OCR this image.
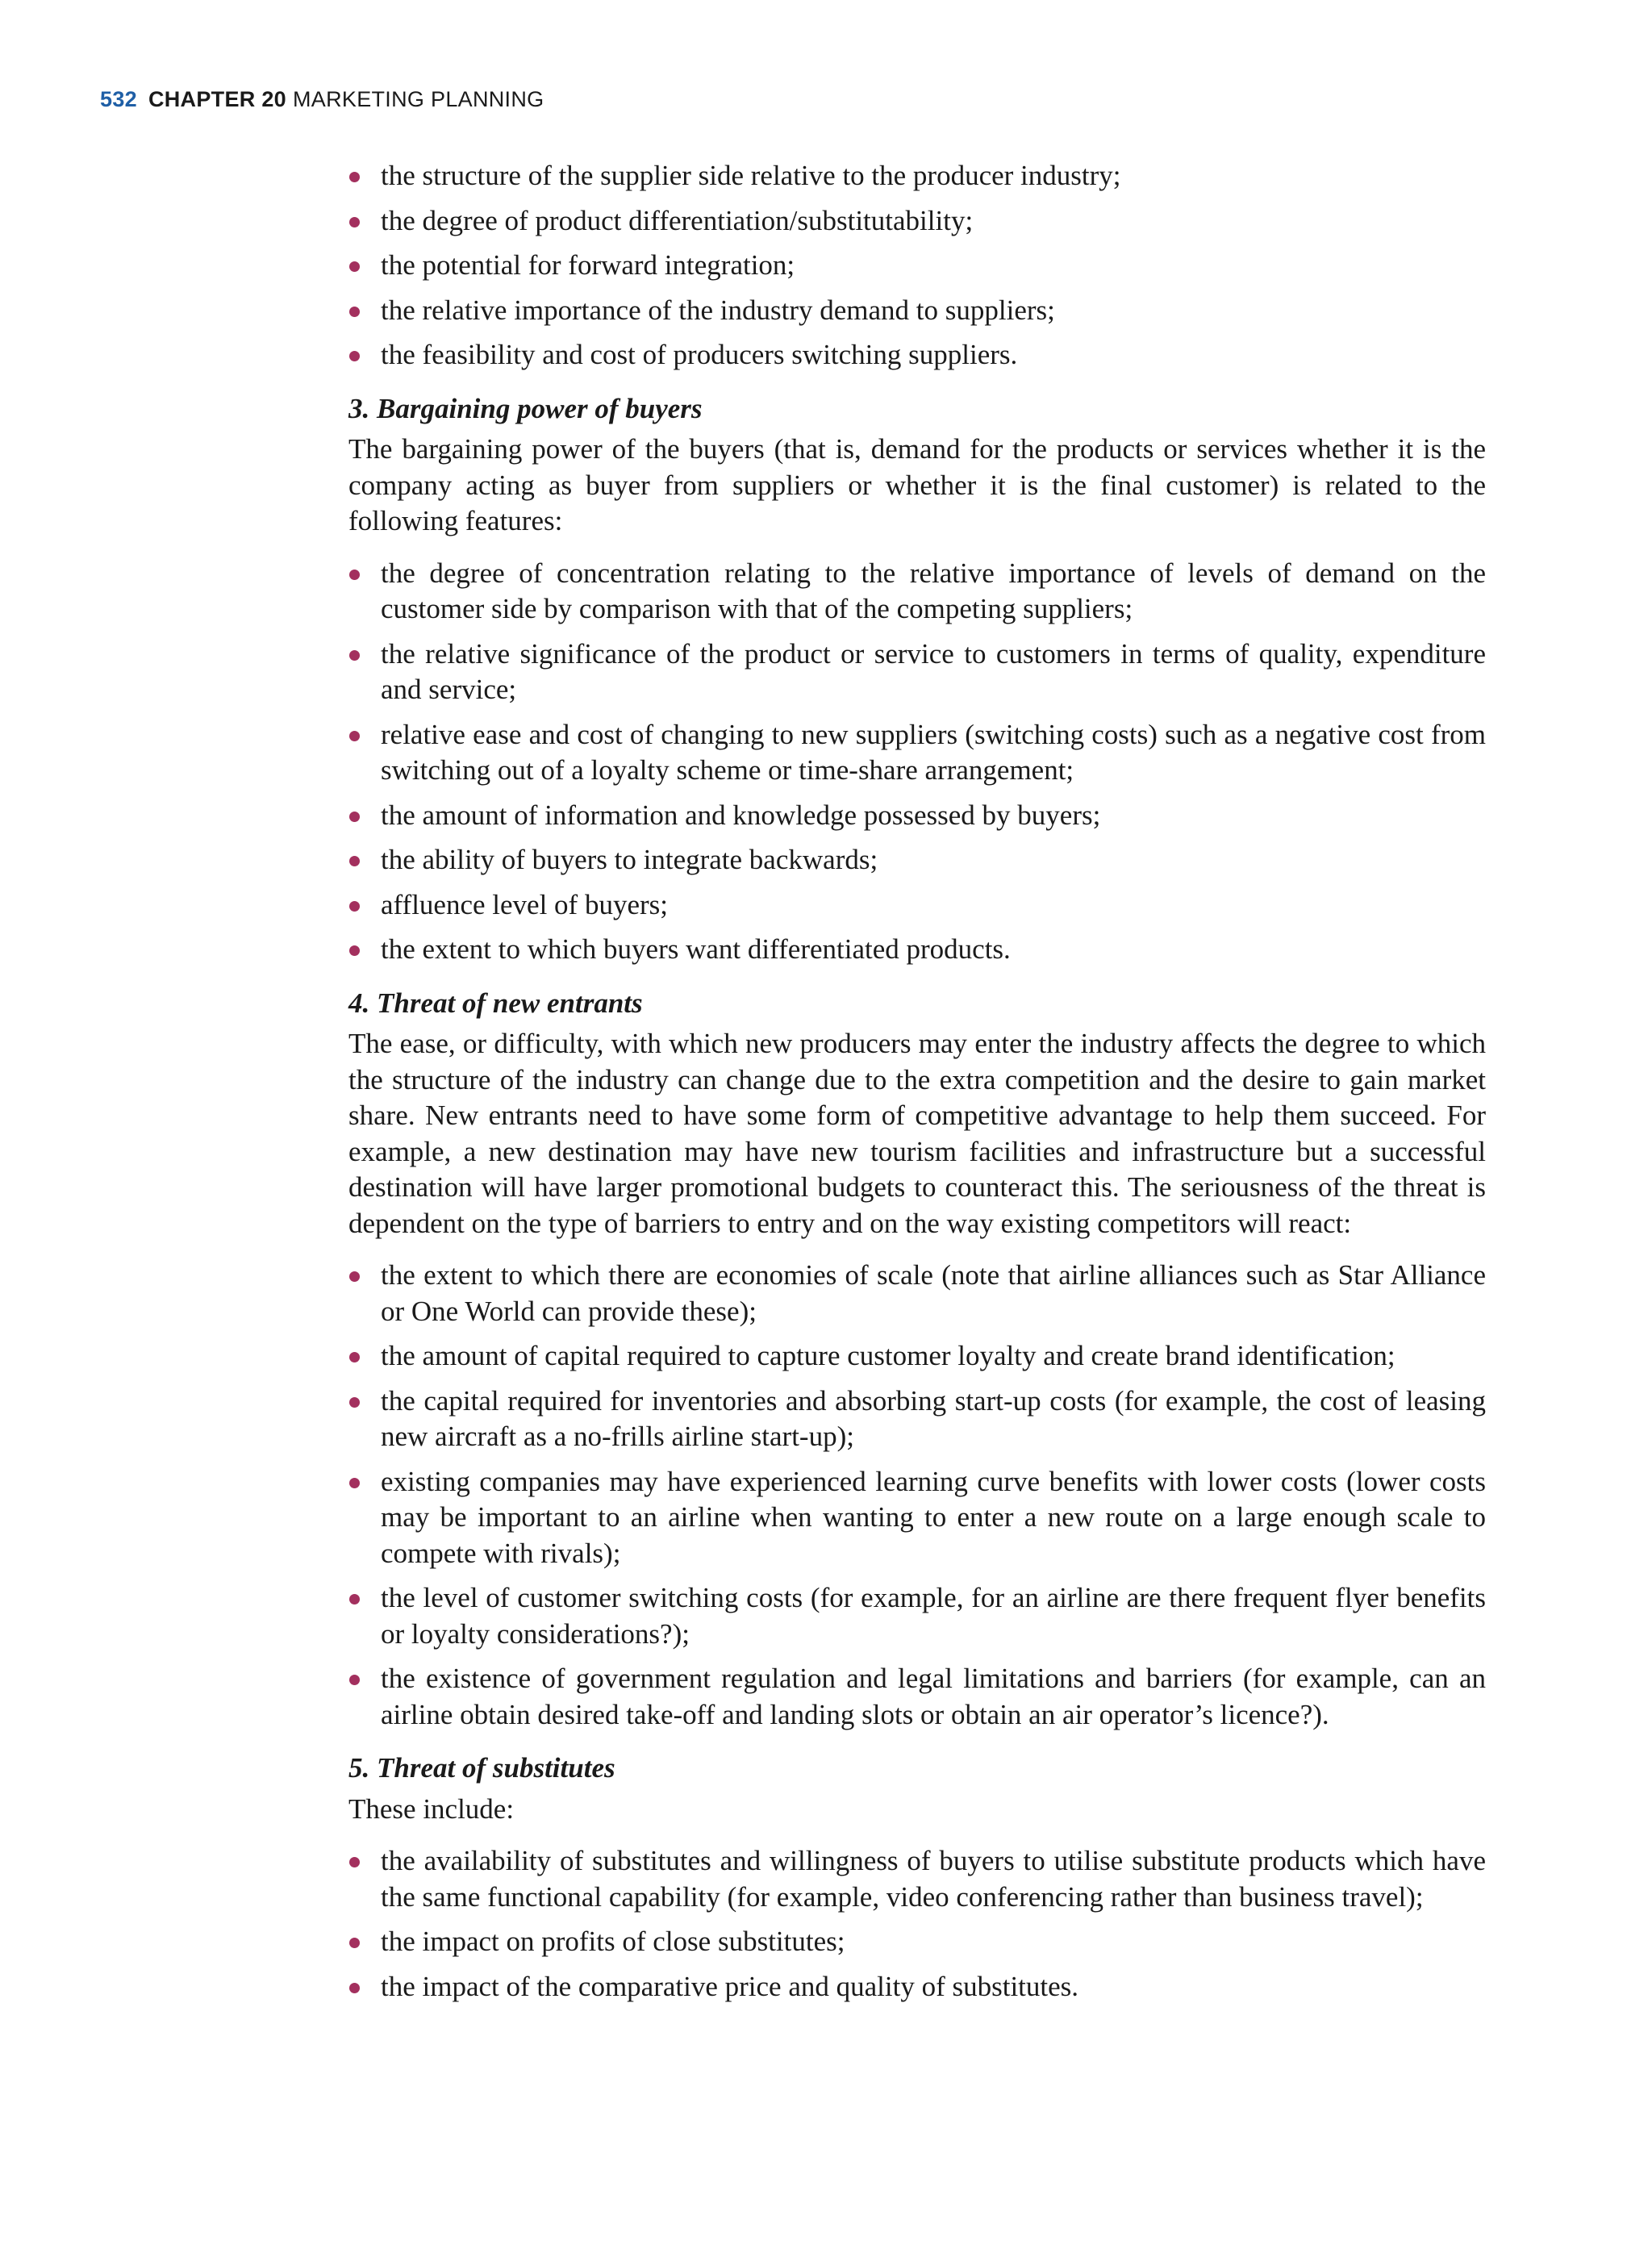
532 CHAPTER 20 MARKETING PLANNING
the structure of the supplier side relative to the producer industry;
the degree of product differentiation/substitutability;
the potential for forward integration;
the relative importance of the industry demand to suppliers;
the feasibility and cost of producers switching suppliers.
3. Bargaining power of buyers

The bargaining power of the buyers (that is, demand for the products or services whether it is the company acting as buyer from suppliers or whether it is the final customer) is related to the following features:

the degree of concentration relating to the relative importance of levels of demand on the customer side by comparison with that of the competing suppliers;
the relative significance of the product or service to customers in terms of quality, expenditure and service;
relative ease and cost of changing to new suppliers (switching costs) such as a negative cost from switching out of a loyalty scheme or time-share arrangement;
the amount of information and knowledge possessed by buyers;
the ability of buyers to integrate backwards;
affluence level of buyers;
the extent to which buyers want differentiated products.
4. Threat of new entrants

The ease, or difficulty, with which new producers may enter the industry affects the degree to which the structure of the industry can change due to the extra competition and the desire to gain market share. New entrants need to have some form of competitive advantage to help them succeed. For example, a new destination may have new tourism facilities and infrastructure but a successful destination will have larger promotional budgets to counteract this. The seriousness of the threat is dependent on the type of barriers to entry and on the way existing competitors will react:

the extent to which there are economies of scale (note that airline alliances such as Star Alliance or One World can provide these);
the amount of capital required to capture customer loyalty and create brand identification;
the capital required for inventories and absorbing start-up costs (for example, the cost of leasing new aircraft as a no-frills airline start-up);
existing companies may have experienced learning curve benefits with lower costs (lower costs may be important to an airline when wanting to enter a new route on a large enough scale to compete with rivals);
the level of customer switching costs (for example, for an airline are there frequent flyer benefits or loyalty considerations?);
the existence of government regulation and legal limitations and barriers (for example, can an airline obtain desired take-off and landing slots or obtain an air operator’s licence?).
5. Threat of substitutes

These include:

the availability of substitutes and willingness of buyers to utilise substitute products which have the same functional capability (for example, video conferencing rather than business travel);
the impact on profits of close substitutes;
the impact of the comparative price and quality of substitutes.
